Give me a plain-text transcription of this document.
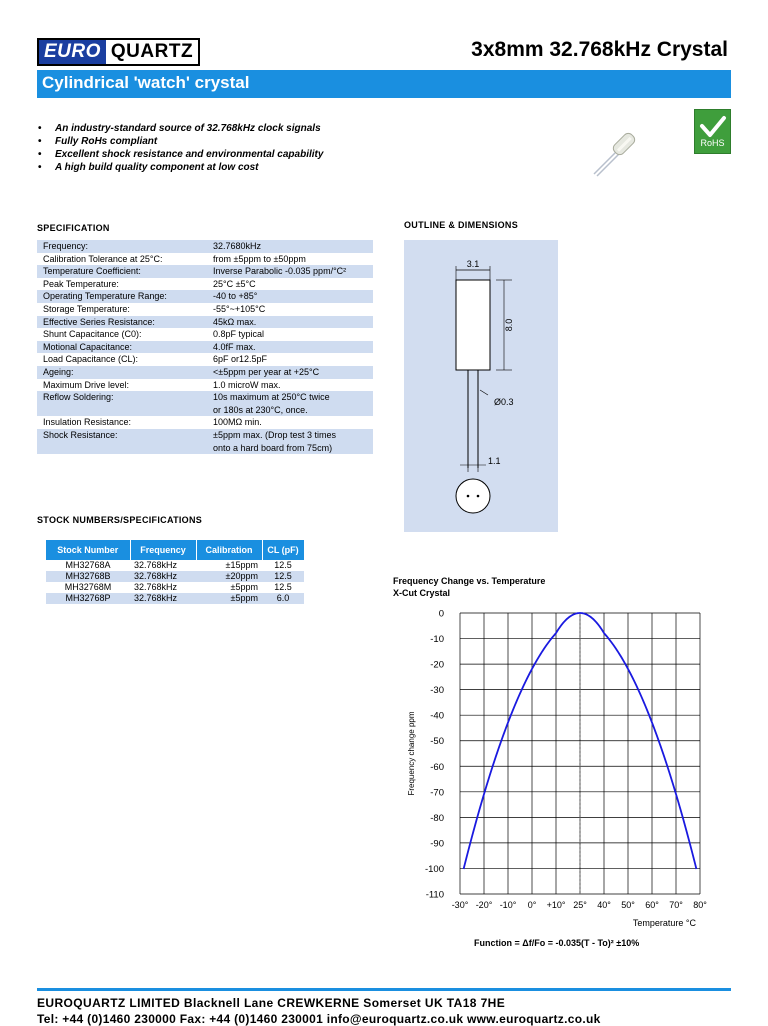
EURO QUARTZ	3x8mm 32.768kHz Crystal
Cylindrical 'watch' crystal
• An industry-standard source of 32.768kHz clock signals
• Fully RoHs compliant
• Excellent shock resistance and environmental capability
• A high build quality component at low cost
RoHS
SPECIFICATION
Frequency:	32.7680kHz

Calibration Tolerance at 25°C:	from ±5ppm to ±50ppm

Temperature Coefficient:	Inverse Parabolic -0.035 ppm/°C²

Peak Temperature:	25°C ±5°C

Operating Temperature Range:	-40 to +85°

Storage Temperature:	-55°~+105°C

Effective Series Resistance:	45kΩ max.

Shunt Capacitance (C0):	0.8pF typical

Motional Capacitance:	4.0fF max.

Load Capacitance (CL):	6pF or12.5pF

Ageing:	<±5ppm per year at +25°C

Maximum Drive level:	1.0 microW max.

Reflow Soldering:	10s maximum at 250°C twice
or 180s at 230°C, once.

Insulation Resistance:	100MΩ min.

Shock Resistance:	±5ppm max. (Drop test 3 times
onto a hard board from 75cm)
OUTLINE & DIMENSIONS
3.1
8.0
Ø0.3
1.1
STOCK NUMBERS/SPECIFICATIONS
Stock Number	Frequency	Calibration	CL (pF)
MH32768A	32.768kHz	±15ppm	12.5
MH32768B	32.768kHz	±20ppm	12.5
MH32768M	32.768kHz	±5ppm	12.5
MH32768P	32.768kHz	±5ppm	6.0
Frequency Change vs. Temperature
X-Cut Crystal
0
-10
-20
-30
-40
-50
-60
-70
-80
-90
-100
-110
-30° -20° -10° 0° +10° 25° 40° 50° 60° 70° 80°
Temperature °C
Frequency change ppm
Function = Δf/Fo = -0.035(T - To)² ±10%
EUROQUARTZ LIMITED Blacknell Lane CREWKERNE Somerset UK TA18 7HE
Tel: +44 (0)1460 230000 Fax: +44 (0)1460 230001 info@euroquartz.co.uk www.euroquartz.co.uk
